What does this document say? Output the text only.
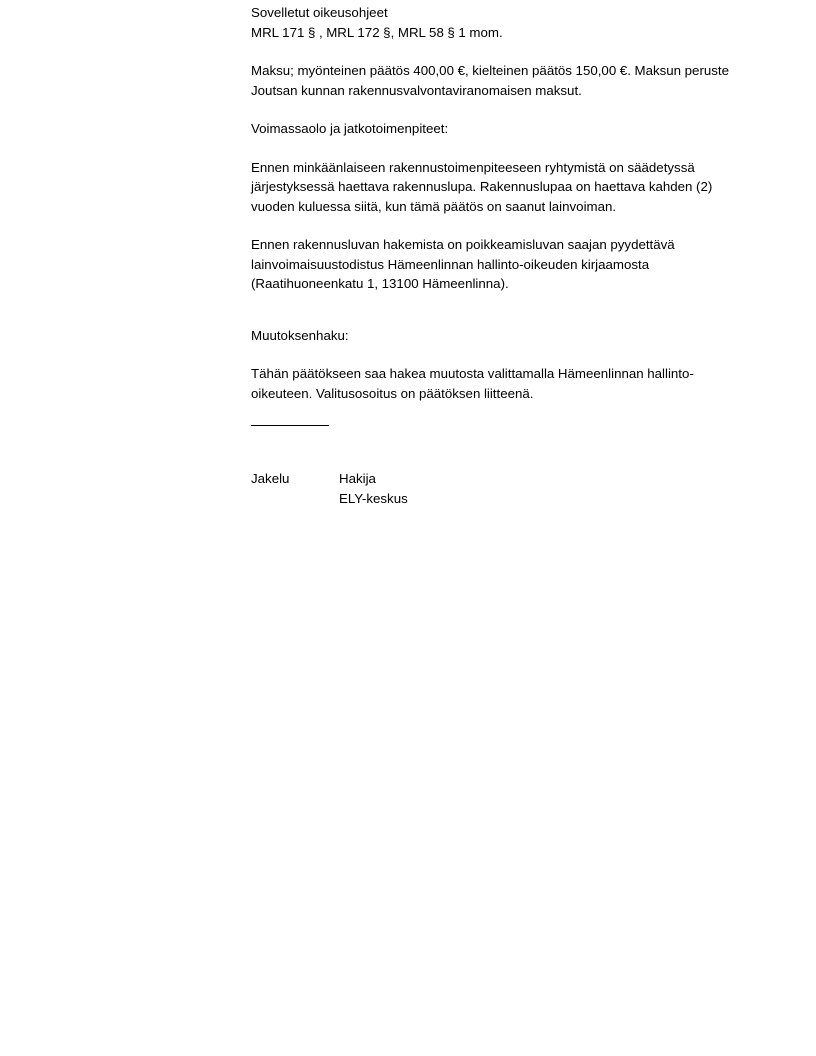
Sovelletut oikeusohjeet
MRL 171 § , MRL 172 §, MRL 58 § 1 mom.
Maksu; myönteinen päätös 400,00 €, kielteinen päätös 150,00 €. Maksun peruste Joutsan kunnan rakennusvalvontaviranomaisen maksut.
Voimassaolo ja jatkotoimenpiteet:
Ennen minkäänlaiseen rakennustoimenpiteeseen ryhtymistä on säädetyssä järjestyksessä haettava rakennuslupa. Rakennuslupaa on haettava kahden (2) vuoden kuluessa siitä, kun tämä päätös on saanut lainvoiman.
Ennen rakennusluvan hakemista on poikkeamisluvan saajan pyydettävä lainvoimaisuustodistus Hämeenlinnan hallinto-oikeuden kirjaamosta (Raatihuoneenkatu 1, 13100 Hämeenlinna).
Muutoksenhaku:
Tähän päätökseen saa hakea muutosta valittamalla Hämeenlinnan hallinto-oikeuteen. Valitusosoitus on päätöksen liitteenä.
Jakelu	Hakija
ELY-keskus
